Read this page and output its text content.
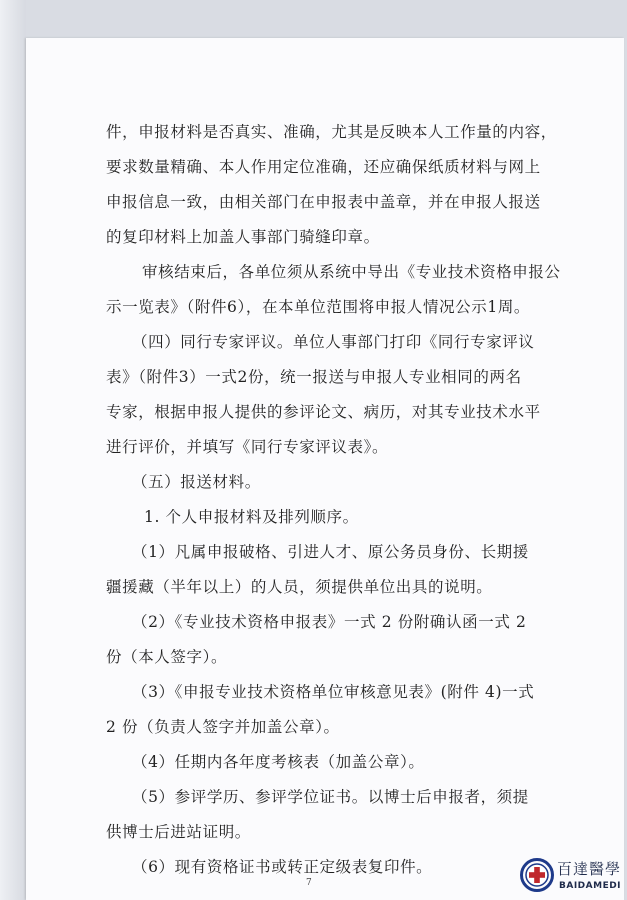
件，申报材料是否真实、准确，尤其是反映本人工作量的内容，
要求数量精确、本人作用定位准确，还应确保纸质材料与网上
申报信息一致，由相关部门在申报表中盖章，并在申报人报送
的复印材料上加盖人事部门骑缝印章。
审核结束后，各单位须从系统中导出《专业技术资格申报公
示一览表》（附件6），在本单位范围将申报人情况公示1周。
（四）同行专家评议。单位人事部门打印《同行专家评议
表》（附件3）一式2份，统一报送与申报人专业相同的两名
专家，根据申报人提供的参评论文、病历，对其专业技术水平
进行评价，并填写《同行专家评议表》。
（五）报送材料。
1. 个人申报材料及排列顺序。
（1）凡属申报破格、引进人才、原公务员身份、长期援
疆援藏（半年以上）的人员，须提供单位出具的说明。
（2）《专业技术资格申报表》一式 2 份附确认函一式 2
份（本人签字）。
（3）《申报专业技术资格单位审核意见表》(附件 4)一式
2 份（负责人签字并加盖公章）。
（4）任期内各年度考核表（加盖公章）。
（5）参评学历、参评学位证书。以博士后申报者，须提
供博士后进站证明。
（6）现有资格证书或转正定级表复印件。
7
百達醫學
BAIDAMEDI
